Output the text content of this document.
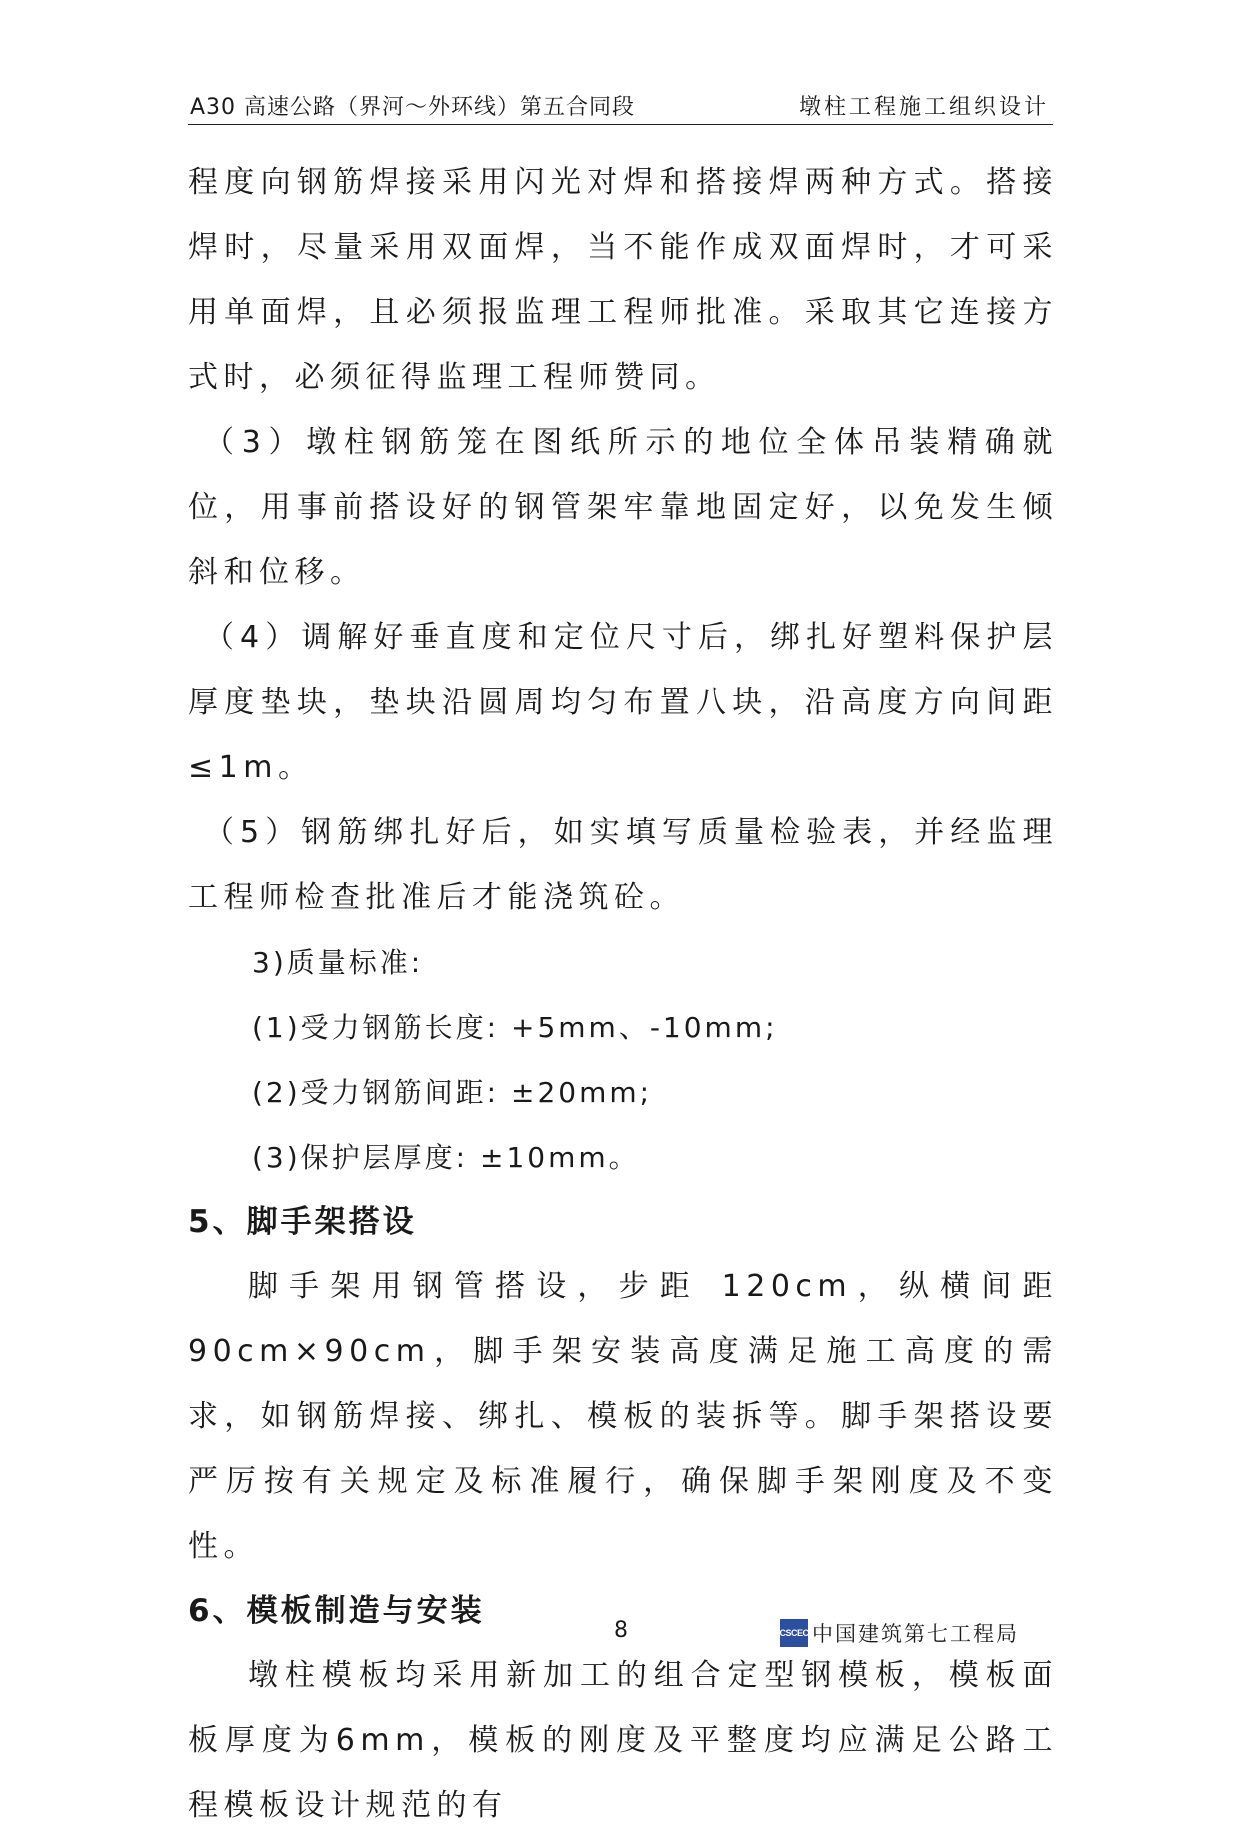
A30 高速公路（界河～外环线）第五合同段	墩柱工程施工组织设计

程度向钢筋焊接采用闪光对焊和搭接焊两种方式。搭接焊时，尽量采用双面焊，当不能作成双面焊时，才可采用单面焊，且必须报监理工程师批准。采取其它连接方式时，必须征得监理工程师赞同。

（3）墩柱钢筋笼在图纸所示的地位全体吊装精确就位，用事前搭设好的钢管架牢靠地固定好，以免发生倾斜和位移。

（4）调解好垂直度和定位尺寸后，绑扎好塑料保护层厚度垫块，垫块沿圆周均匀布置八块，沿高度方向间距≤1m。

（5）钢筋绑扎好后，如实填写质量检验表，并经监理工程师检查批准后才能浇筑砼。

3)质量标准:

(1)受力钢筋长度: +5mm、-10mm;

(2)受力钢筋间距: ±20mm;

(3)保护层厚度: ±10mm。

5、脚手架搭设

脚手架用钢管搭设，步距 120cm，纵横间距 90cm×90cm，脚手架安装高度满足施工高度的需求，如钢筋焊接、绑扎、模板的装拆等。脚手架搭设要严厉按有关规定及标准履行，确保脚手架刚度及不变性。

6、模板制造与安装

墩柱模板均采用新加工的组合定型钢模板，模板面板厚度为6mm，模板的刚度及平整度均应满足公路工程模板设计规范的有

8	CSCEC 中国建筑第七工程局
